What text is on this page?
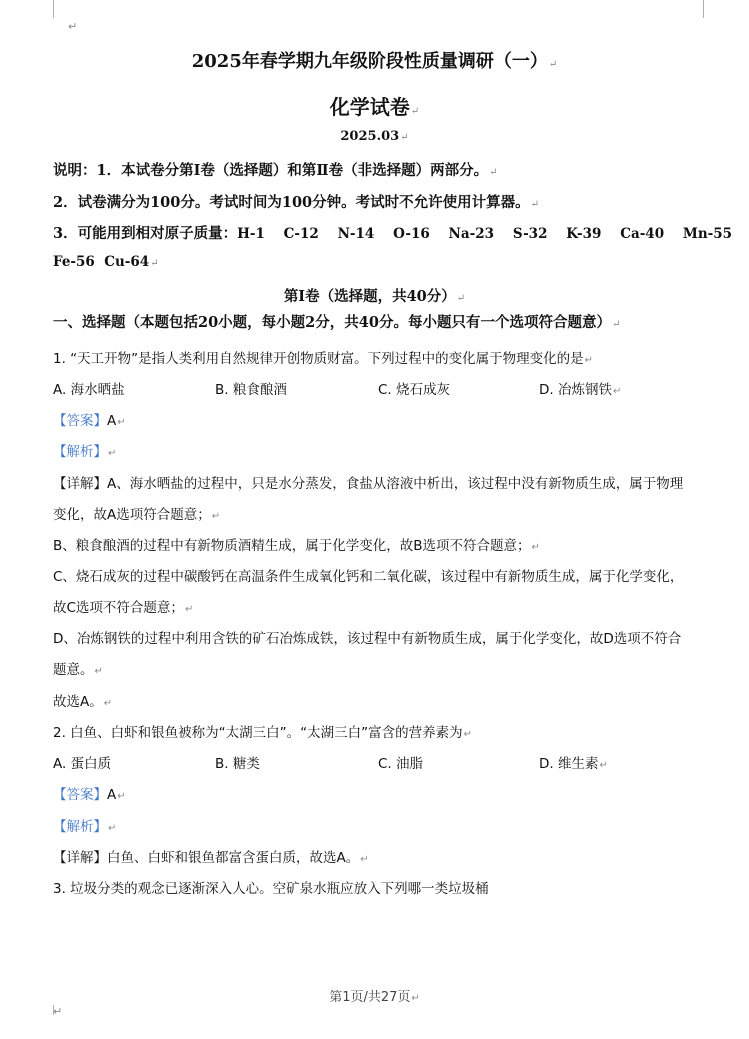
↵
↵
2025年春学期九年级阶段性质量调研（一）↵
化学试卷↵
2025.03↵
说明：1．本试卷分第Ⅰ卷（选择题）和第Ⅱ卷（非选择题）两部分。↵
2．试卷满分为100分。考试时间为100分钟。考试时不允许使用计算器。↵
3．可能用到相对原子质量：H-1    C-12    N-14    O-16    Na-23    S-32    K-39    Ca-40    Mn-55
Fe-56  Cu-64↵
第Ⅰ卷（选择题，共40分）↵
一、选择题（本题包括20小题，每小题2分，共40分。每小题只有一个选项符合题意）↵
1. “天工开物”是指人类利用自然规律开创物质财富。下列过程中的变化属于物理变化的是↵
A. 海水晒盐	B. 粮食酿酒	C. 烧石成灰	D. 冶炼钢铁↵
【答案】A↵
【解析】↵
【详解】A、海水晒盐的过程中，只是水分蒸发，食盐从溶液中析出，该过程中没有新物质生成，属于物理
变化，故A选项符合题意；↵
B、粮食酿酒的过程中有新物质酒精生成，属于化学变化，故B选项不符合题意；↵
C、烧石成灰的过程中碳酸钙在高温条件生成氧化钙和二氧化碳，该过程中有新物质生成，属于化学变化，
故C选项不符合题意；↵
D、冶炼钢铁的过程中利用含铁的矿石冶炼成铁，该过程中有新物质生成，属于化学变化，故D选项不符合
题意。↵
故选A。↵
2. 白鱼、白虾和银鱼被称为“太湖三白”。“太湖三白”富含的营养素为↵
A. 蛋白质	B. 糖类	C. 油脂	D. 维生素↵
【答案】A↵
【解析】↵
【详解】白鱼、白虾和银鱼都富含蛋白质，故选A。↵
3. 垃圾分类的观念已逐渐深入人心。空矿泉水瓶应放入下列哪一类垃圾桶
第1页/共27页↵
